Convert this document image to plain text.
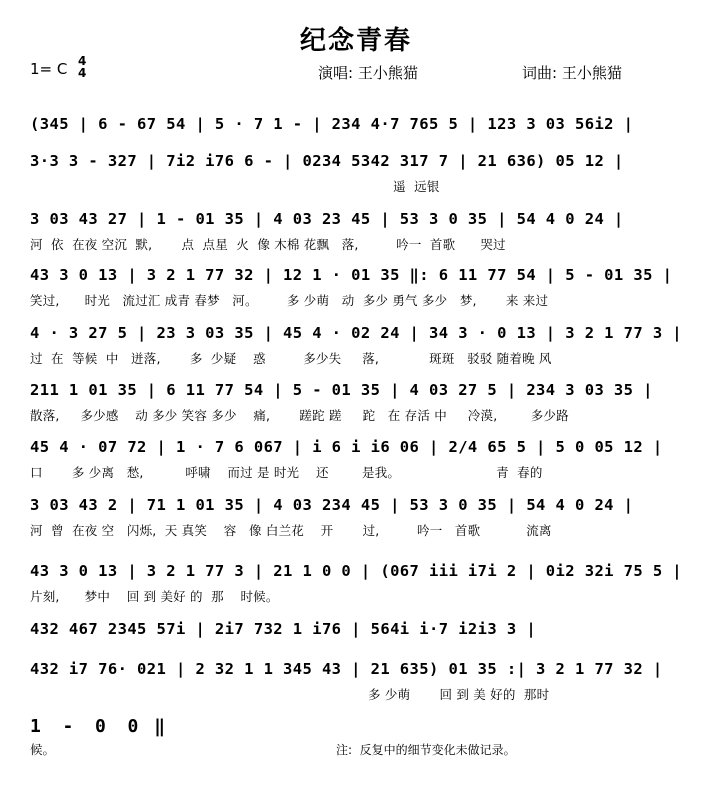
纪念青春
1= C 4
4	演唱: 王小熊猫	词曲: 王小熊猫
(345 | 6 - 67 54 | 5 · 7 1 - | 234 4·7 765 5 | 123 3 03 56i2 |
3·3 3 - 327 | 7i2 i76 6 - | 0234 5342 317 7 | 21 636) 05 12 |
遥  远银
3 03 43 27 | 1 - 01 35 | 4 03 23 45 | 53 3 0 35 | 54 4 0 24 |
河  依  在夜 空沉  默,       点  点星  火  像 木棉 花飘   落,         吟一  首歌      哭过
43 3 0 13 | 3 2 1 77 32 | 12 1 · 01 35 ‖: 6 11 77 54 | 5 - 01 35 |
笑过,      时光   流过汇 成青 春梦   河。       多 少萌   动  多少 勇气 多少   梦,       来 来过
4 · 3 27 5 | 23 3 03 35 | 45 4 · 02 24 | 34 3 · 0 13 | 3 2 1 77 3 |
过  在  等候  中   迸落,       多  少疑    惑         多少失     落,            斑斑   驳驳 随着晚 风
211 1 01 35 | 6 11 77 54 | 5 - 01 35 | 4 03 27 5 | 234 3 03 35 |
散落,     多少感    动 多少 笑容 多少    痛,       蹉跎 蹉     跎   在 存活 中     冷漠,        多少路
45 4 · 07 72 | 1 · 7 6 067 | i 6 i i6 06 | 2/4 65 5 | 5 0 05 12 |
口       多 少离   愁,          呼啸    而过 是 时光    还        是我。                       青  春的
3 03 43 2 | 71 1 01 35 | 4 03 234 45 | 53 3 0 35 | 54 4 0 24 |
河  曾  在夜 空   闪烁,  天 真笑    容   像 白兰花    开       过,         吟一   首歌           流离
43 3 0 13 | 3 2 1 77 3 | 21 1 0 0 | (067 iii i7i 2 | 0i2 32i 75 5 |
片刻,      梦中    回 到 美好 的  那    时候。
432 467 2345 57i | 2i7 732 1 i76 | 564i i·7 i2i3 3 |
432 i7 76· 021 | 2 32 1 1 345 43 | 21 635) 01 35 :| 3 2 1 77 32 |
多 少萌       回 到 美 好的  那时
1  -  0  0  ‖
候。	注:  反复中的细节变化未做记录。
